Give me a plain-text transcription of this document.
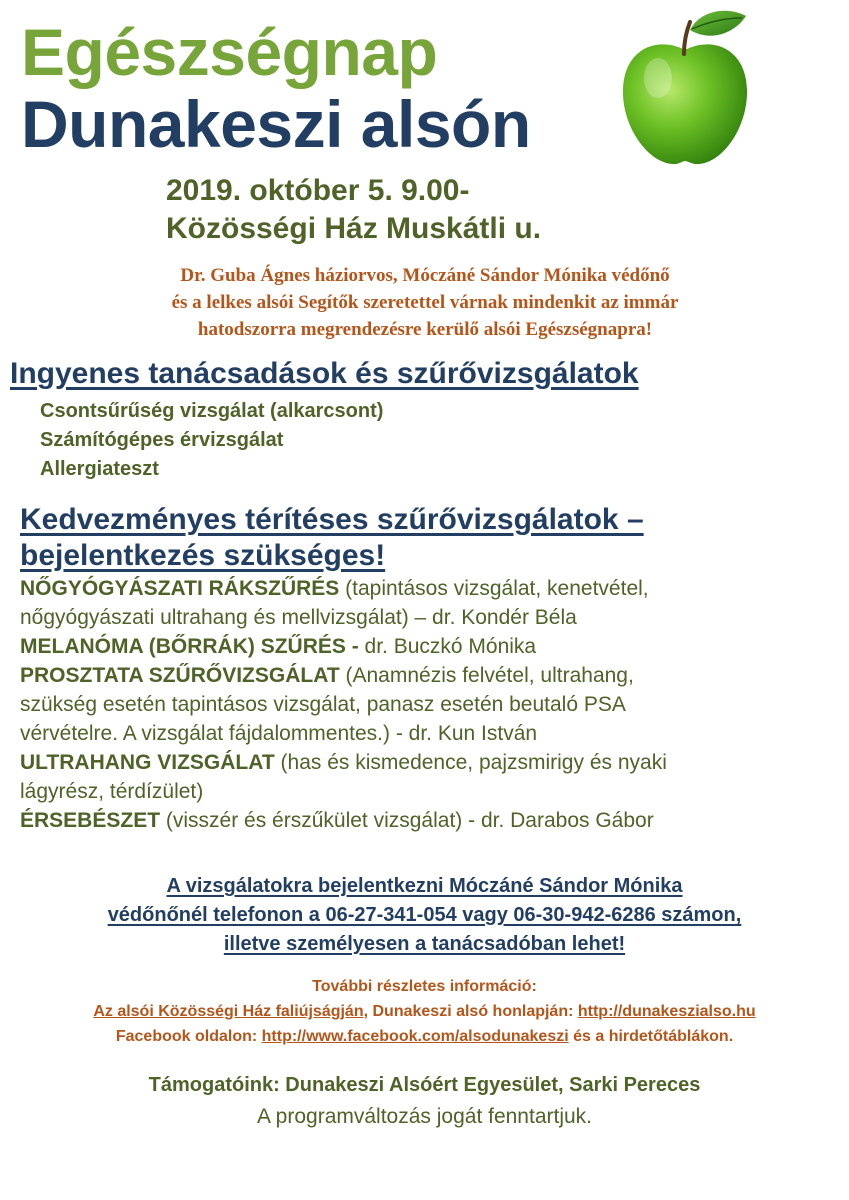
Egészségnap
Dunakeszi alsón
2019. október 5. 9.00-
Közösségi Ház Muskátli u.
Dr. Guba Ágnes háziorvos, Móczáné Sándor Mónika védőnő
és a lelkes alsói Segítők szeretettel várnak mindenkit az immár
hatodszorra megrendezésre kerülő alsói Egészségnapra!
Ingyenes tanácsadások és szűrővizsgálatok
Csontsűrűség vizsgálat (alkarcsont)
Számítógépes érvizsgálat
Allergiateszt
Kedvezményes térítéses szűrővizsgálatok –
bejelentkezés szükséges!
NŐGYÓGYÁSZATI RÁKSZŰRÉS (tapintásos vizsgálat, kenetvétel,
nőgyógyászati ultrahang és mellvizsgálat) – dr. Kondér Béla
MELANÓMA (BŐRRÁK) SZŰRÉS - dr. Buczkó Mónika
PROSZTATA SZŰRŐVIZSGÁLAT (Anamnézis felvétel, ultrahang,
szükség esetén tapintásos vizsgálat, panasz esetén beutaló PSA
vérvételre. A vizsgálat fájdalommentes.) - dr. Kun István
ULTRAHANG VIZSGÁLAT (has és kismedence, pajzsmirigy és nyaki
lágyrész, térdízület)
ÉRSEBÉSZET (visszér és érszűkület vizsgálat) - dr. Darabos Gábor
A vizsgálatokra bejelentkezni Móczáné Sándor Mónika
védőnőnél telefonon a 06-27-341-054 vagy 06-30-942-6286 számon,
illetve személyesen a tanácsadóban lehet!
További részletes információ:
Az alsói Közösségi Ház faliújságján, Dunakeszi alsó honlapján: http://dunakeszialso.hu
Facebook oldalon: http://www.facebook.com/alsodunakeszi és a hirdetőtáblákon.
Támogatóink: Dunakeszi Alsóért Egyesület, Sarki Pereces
A programváltozás jogát fenntartjuk.
